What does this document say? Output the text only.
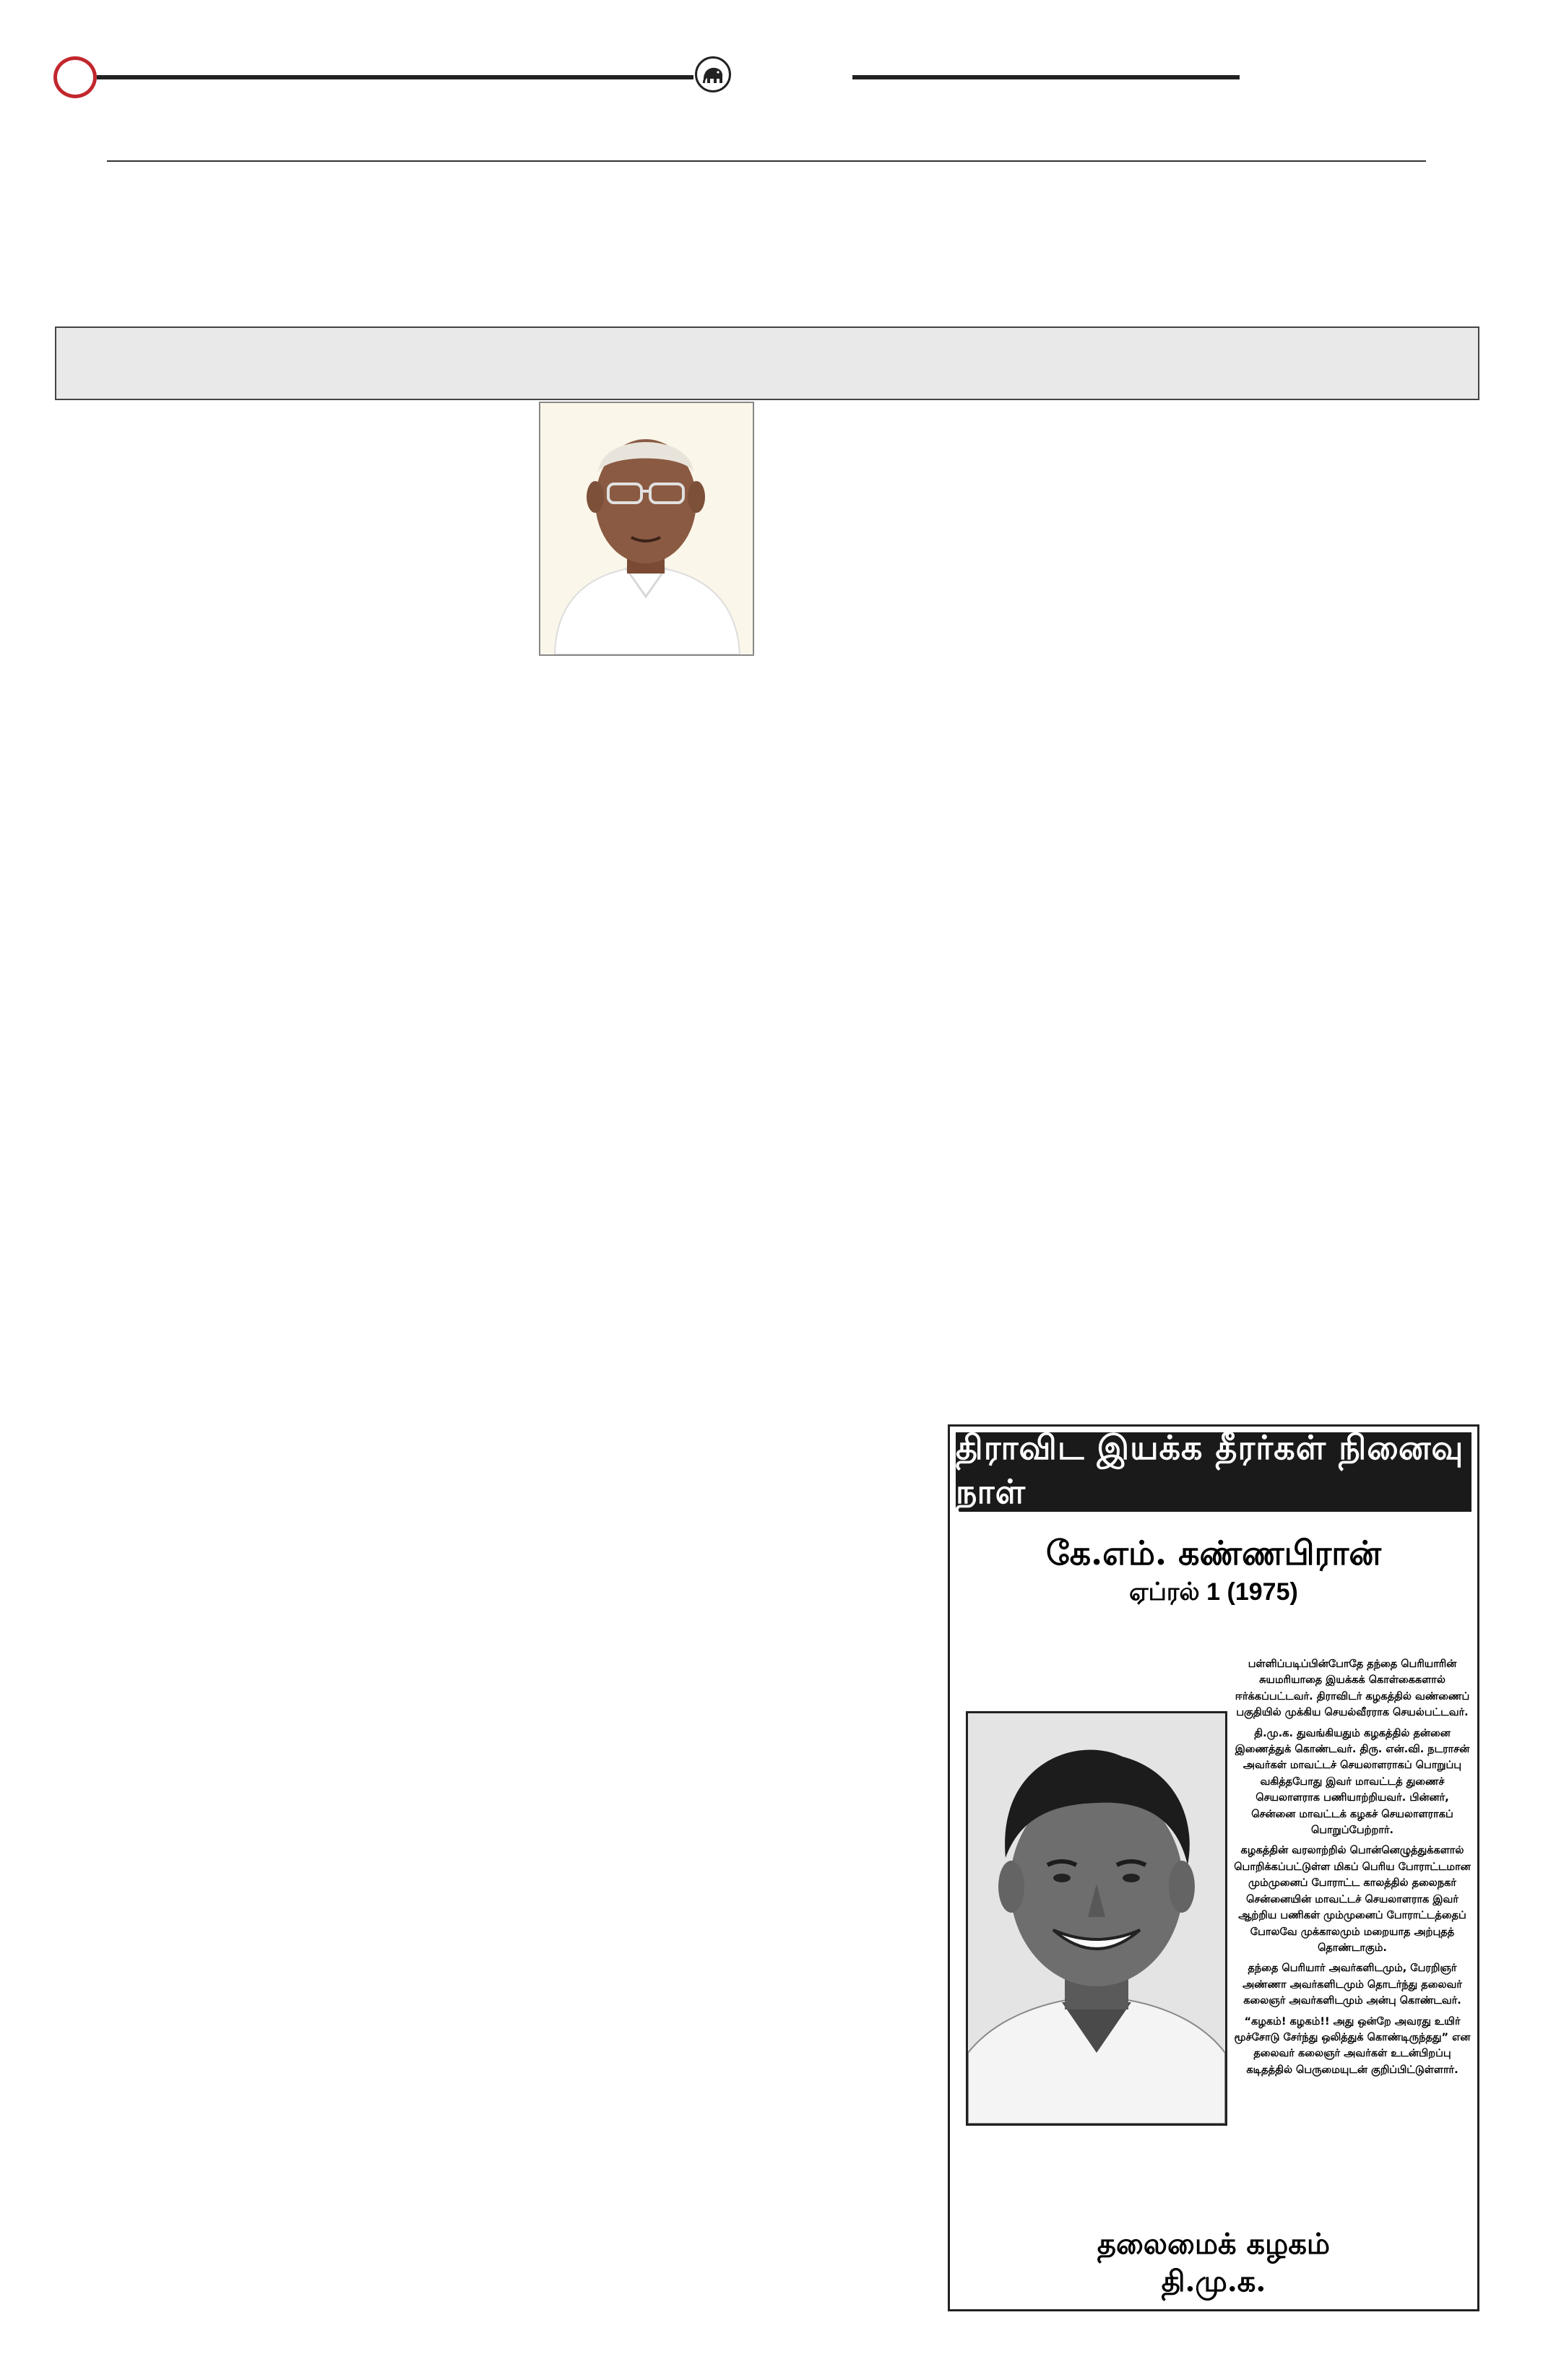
திராவிட இயக்க தீரர்கள் நினைவு நாள்
கே.எம். கண்ணபிரான்
ஏப்ரல் 1 (1975)

பள்ளிப்படிப்பின்போதே தந்தை பெரியாரின் சுயமரியாதை இயக்கக் கொள்கைகளால் ஈர்க்கப்பட்டவர். திராவிடர் கழகத்தில் வண்ணைப் பகுதியில் முக்கிய செயல்வீரராக செயல்பட்டவர்.

தி.மு.க. துவங்கியதும் கழகத்தில் தன்னை இணைத்துக் கொண்டவர். திரு. என்.வி. நடராசன் அவர்கள் மாவட்டச் செயலாளராகப் பொறுப்பு வகித்தபோது இவர் மாவட்டத் துணைச் செயலாளராக பணியாற்றியவர். பின்னர், சென்னை மாவட்டக் கழகச் செயலாளராகப் பொறுப்பேற்றார்.

கழகத்தின் வரலாற்றில் பொன்னெழுத்துக்களால் பொறிக்கப்பட்டுள்ள மிகப் பெரிய போராட்டமான மும்முனைப் போராட்ட காலத்தில் தலைநகர் சென்னையின் மாவட்டச் செயலாளராக இவர் ஆற்றிய பணிகள் மும்முனைப் போராட்டத்தைப் போலவே முக்காலமும் மறையாத அற்புதத் தொண்டாகும்.

தந்தை பெரியார் அவர்களிடமும், பேரறிஞர் அண்ணா அவர்களிடமும் தொடர்ந்து தலைவர் கலைஞர் அவர்களிடமும் அன்பு கொண்டவர்.

“கழகம்! கழகம்!! அது ஒன்றே அவரது உயிர் மூச்சோடு சேர்ந்து ஒலித்துக் கொண்டிருந்தது” என தலைவர் கலைஞர் அவர்கள் உடன்பிறப்பு கடிதத்தில் பெருமையுடன் குறிப்பிட்டுள்ளார்.

தலைமைக் கழகம்
தி.மு.க.
